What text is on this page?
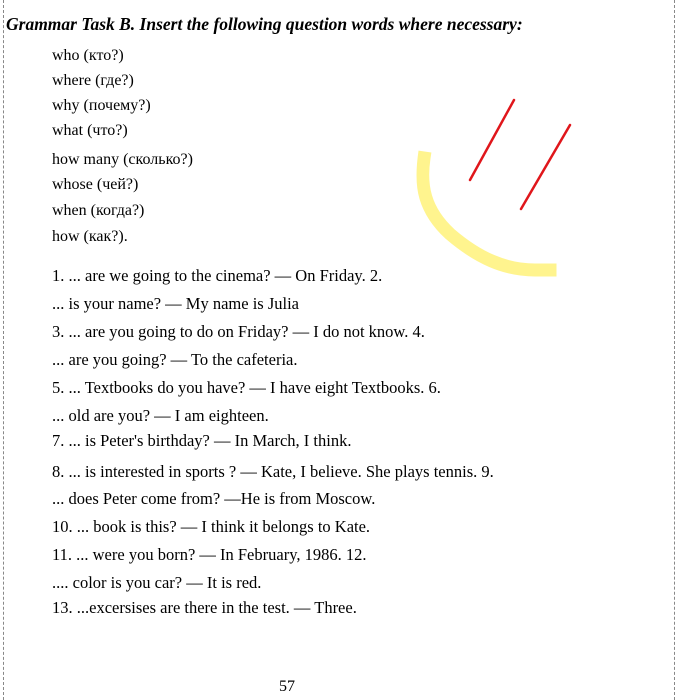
Grammar Task B. Insert the following question words where necessary:
who (кто?)
where (где?)
why (почему?)
what (что?)
how many (сколько?)
whose (чей?)
when (когда?)
how (как?).
1. ... are we going to the cinema? — On Friday. 2.
... is your name? — My name is Julia
3. ... are you going to do on Friday? — I do not know. 4.
... are you going? — To the cafeteria.
5. ... Textbooks do you have? — I have eight Textbooks. 6.
... old are you? — I am eighteen.
7. ... is Peter's birthday? — In March, I think.
8. ... is interested in sports ? — Kate, I believe. She plays tennis. 9.
... does Peter come from? —He is from Moscow.
10. ... book is this? — I think it belongs to Kate.
11. ... were you born? — In February, 1986. 12.
.... color is you car? — It is red.
13. ...excersises are there in the test. — Three.
57
